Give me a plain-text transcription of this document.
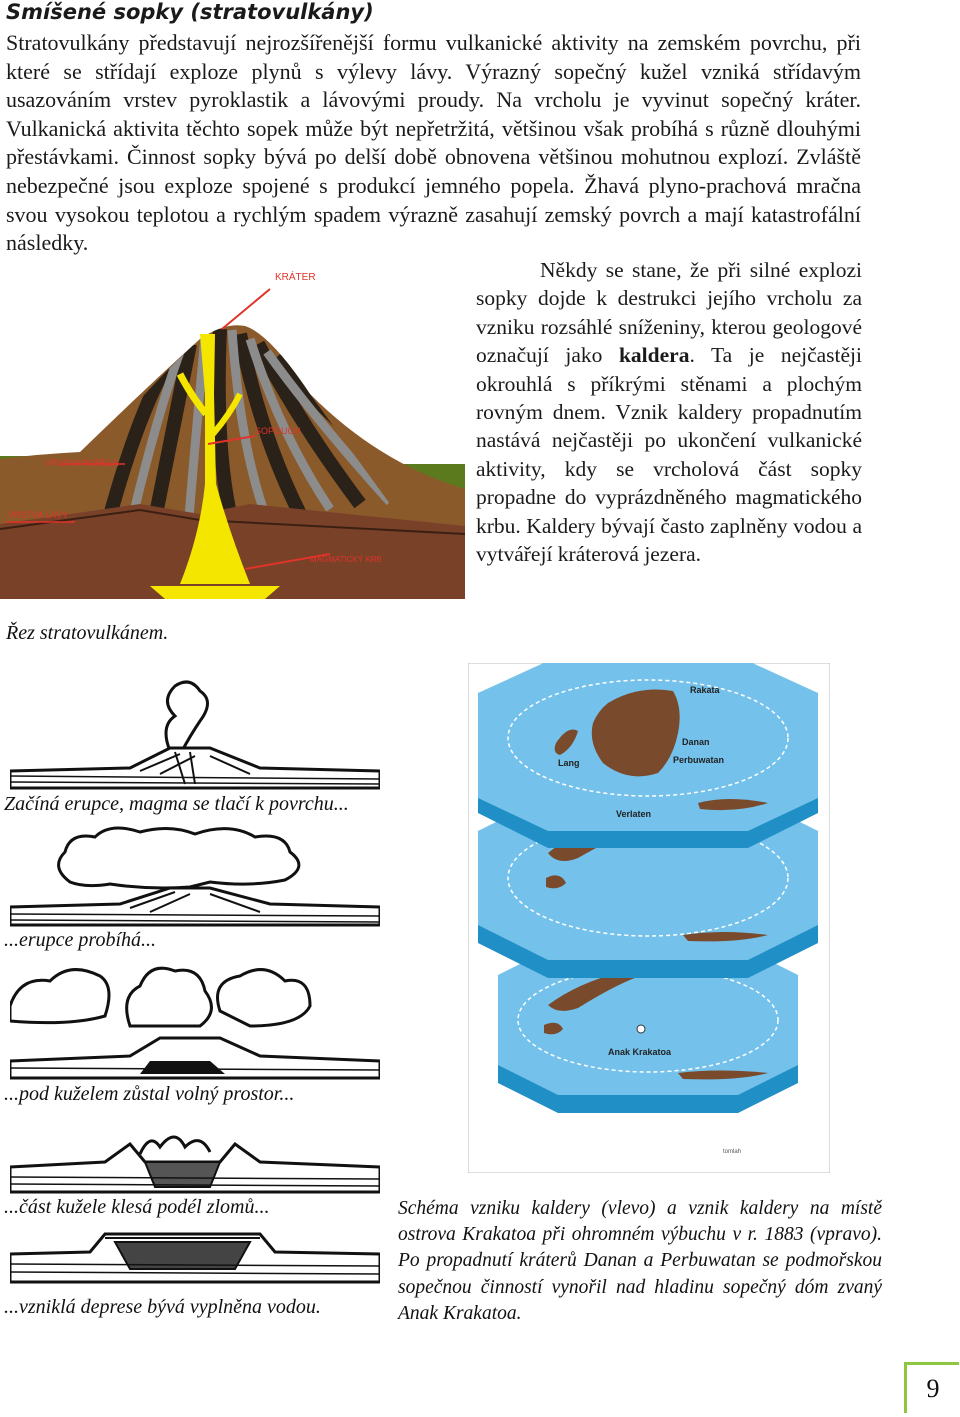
Smíšené sopky (stratovulkány)
Stratovulkány představují nejrozšířenější formu vulkanické aktivity na zemském povrchu, při které se střídají exploze plynů s výlevy lávy. Výrazný sopečný kužel vzniká střídavým usazováním vrstev pyroklastik a lávovými proudy. Na vrcholu je vyvinut sopečný kráter. Vulkanická aktivita těchto sopek může být nepřetržitá, většinou však probíhá s různě dlouhými přestávkami. Činnost sopky bývá po delší době obnovena většinou mohutnou explozí. Zvláště nebezpečné jsou exploze spojené s produkcí jemného popela. Žhavá plyno-prachová mračna svou vysokou teplotou a rychlým spadem výrazně zasahují zemský povrch a mají katastrofální následky.
Někdy se stane, že při silné explozi sopky dojde k destrukci jejího vrcholu za vzniku rozsáhlé sníženiny, kterou geologové označují jako kaldera. Ta je nejčastěji okrouhlá s příkrými stěnami a plochým rovným dnem. Vznik kaldery propadnutím nastává nejčastěji po ukončení vulkanické aktivity, kdy se vrcholová část sopky propadne do vyprázdněného magmatického krbu. Kaldery bývají často zaplněny vodou a vytvářejí kráterová jezera.
KRÁTER
SOPOUCH
VRSTVA POPELA
VRSTVA LÁVY
MAGMATICKÝ KRB
Řez stratovulkánem.
Začíná erupce, magma se tlačí k povrchu...
...erupce probíhá...
...pod kuželem zůstal volný prostor...
...část kužele klesá podél zlomů...
...vzniklá deprese bývá vyplněna vodou.
Anak Krakatoa
Rakata
Danan
Perbuwatan
Lang
Verlaten
tomlah
Schéma vzniku kaldery (vlevo) a vznik kaldery na místě ostrova Krakatoa při ohromném výbuchu v r. 1883 (vpravo). Po propadnutí kráterů Danan a Perbuwatan se podmořskou sopečnou činností vynořil nad hladinu sopečný dóm zvaný Anak Krakatoa.
9
